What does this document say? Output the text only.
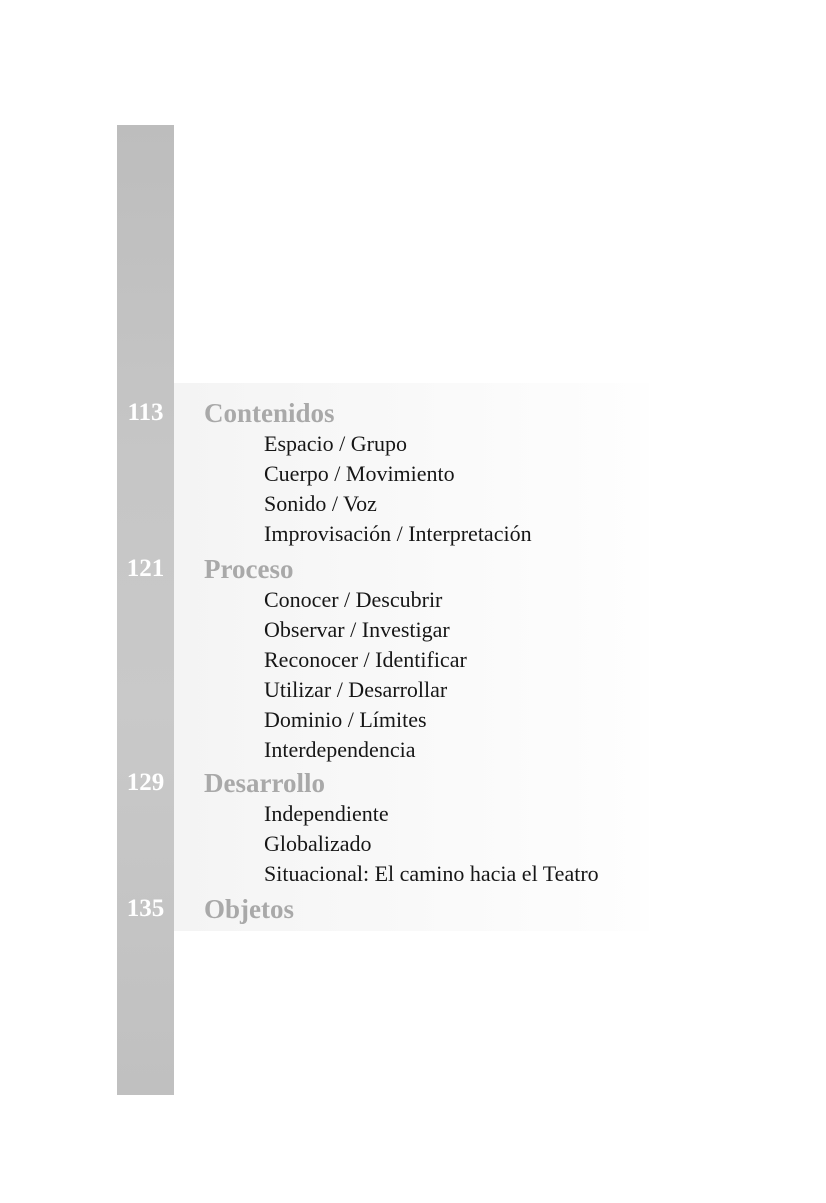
113	Contenidos
Espacio / Grupo
Cuerpo / Movimiento
Sonido / Voz
Improvisación / Interpretación
121	Proceso
Conocer / Descubrir
Observar / Investigar
Reconocer / Identificar
Utilizar / Desarrollar
Dominio / Límites
Interdependencia
129	Desarrollo
Independiente
Globalizado
Situacional: El camino hacia el Teatro
135	Objetos
